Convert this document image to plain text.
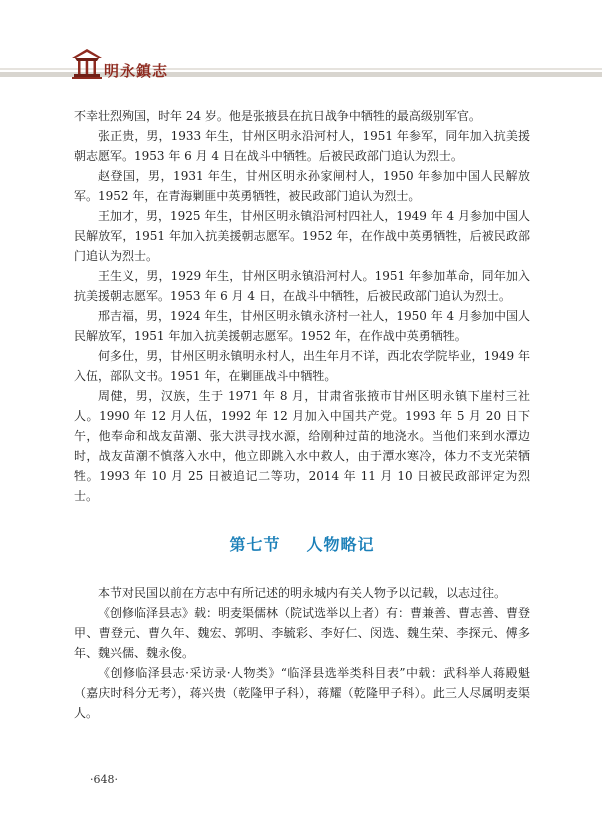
明永鎮志

不幸壮烈殉国，时年 24 岁。他是张掖县在抗日战争中牺牲的最高级别军官。

张正贵，男，1933 年生，甘州区明永沿河村人，1951 年参军，同年加入抗美援朝志愿军。1953 年 6 月 4 日在战斗中牺牲。后被民政部门追认为烈士。

赵登国，男，1931 年生，甘州区明永孙家闸村人，1950 年参加中国人民解放军。1952 年，在青海剿匪中英勇牺牲，被民政部门追认为烈士。

王加才，男，1925 年生，甘州区明永镇沿河村四社人，1949 年 4 月参加中国人民解放军，1951 年加入抗美援朝志愿军。1952 年，在作战中英勇牺牲，后被民政部门追认为烈士。

王生义，男，1929 年生，甘州区明永镇沿河村人。1951 年参加革命，同年加入抗美援朝志愿军。1953 年 6 月 4 日，在战斗中牺牲，后被民政部门追认为烈士。

邢吉福，男，1924 年生，甘州区明永镇永济村一社人，1950 年 4 月参加中国人民解放军，1951 年加入抗美援朝志愿军。1952 年，在作战中英勇牺牲。

何多仕，男，甘州区明永镇明永村人，出生年月不详，西北农学院毕业，1949 年入伍，部队文书。1951 年，在剿匪战斗中牺牲。

周健，男，汉族，生于 1971 年 8 月，甘肃省张掖市甘州区明永镇下崖村三社人。1990 年 12 月人伍，1992 年 12 月加入中国共产党。1993 年 5 月 20 日下午，他奉命和战友苗潮、张大洪寻找水源，给刚种过苗的地浇水。当他们来到水潭边时，战友苗潮不慎落入水中，他立即跳入水中救人，由于潭水寒冷，体力不支光荣牺牲。1993 年 10 月 25 日被追记二等功，2014 年 11 月 10 日被民政部评定为烈士。

第七节 人物略记

本节对民国以前在方志中有所记述的明永城内有关人物予以记载，以志过往。

《创修临泽县志》载：明麦渠儒林（院试选举以上者）有：曹兼善、曹志善、曹登甲、曹登元、曹久年、魏宏、郭明、李毓彩、李好仁、闵选、魏生荣、李探元、傅多年、魏兴儒、魏永俊。

《创修临泽县志·采访录·人物类》“临泽县选举类科目表”中载：武科举人蒋殿魁（嘉庆时科分无考），蒋兴贵（乾隆甲子科），蒋耀（乾隆甲子科）。此三人尽属明麦渠人。

·648·
